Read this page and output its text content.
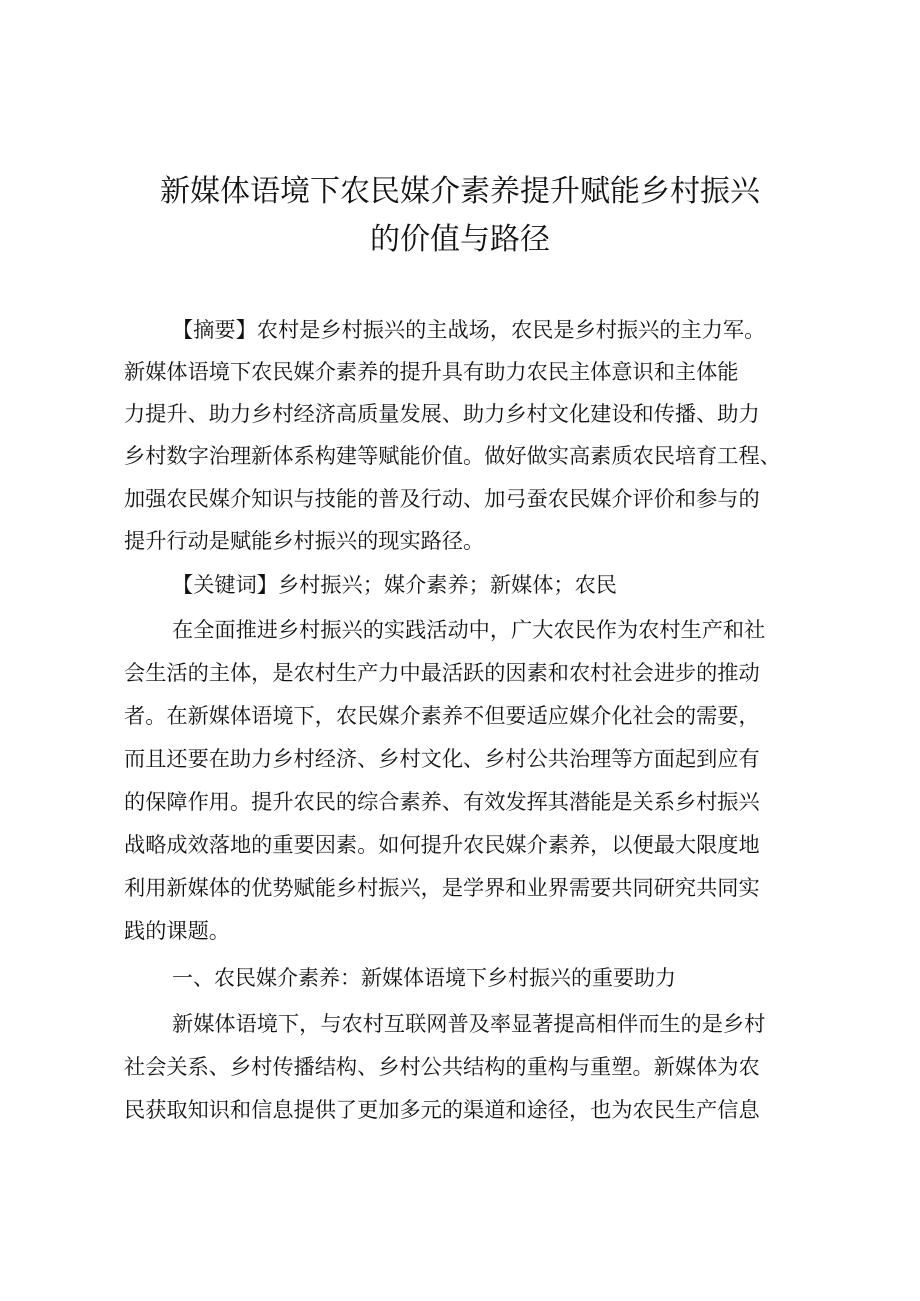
新媒体语境下农民媒介素养提升赋能乡村振兴
的价值与路径
【摘要】农村是乡村振兴的主战场，农民是乡村振兴的主力军。
新媒体语境下农民媒介素养的提升具有助力农民主体意识和主体能
力提升、助力乡村经济高质量发展、助力乡村文化建设和传播、助力
乡村数字治理新体系构建等赋能价值。做好做实高素质农民培育工程、
加强农民媒介知识与技能的普及行动、加弓蚕农民媒介评价和参与的
提升行动是赋能乡村振兴的现实路径。
【关键词】乡村振兴；媒介素养；新媒体；农民
在全面推进乡村振兴的实践活动中，广大农民作为农村生产和社
会生活的主体，是农村生产力中最活跃的因素和农村社会进步的推动
者。在新媒体语境下，农民媒介素养不但要适应媒介化社会的需要，
而且还要在助力乡村经济、乡村文化、乡村公共治理等方面起到应有
的保障作用。提升农民的综合素养、有效发挥其潜能是关系乡村振兴
战略成效落地的重要因素。如何提升农民媒介素养，以便最大限度地
利用新媒体的优势赋能乡村振兴，是学界和业界需要共同研究共同实
践的课题。
一、农民媒介素养：新媒体语境下乡村振兴的重要助力
新媒体语境下，与农村互联网普及率显著提高相伴而生的是乡村
社会关系、乡村传播结构、乡村公共结构的重构与重塑。新媒体为农
民获取知识和信息提供了更加多元的渠道和途径，也为农民生产信息
